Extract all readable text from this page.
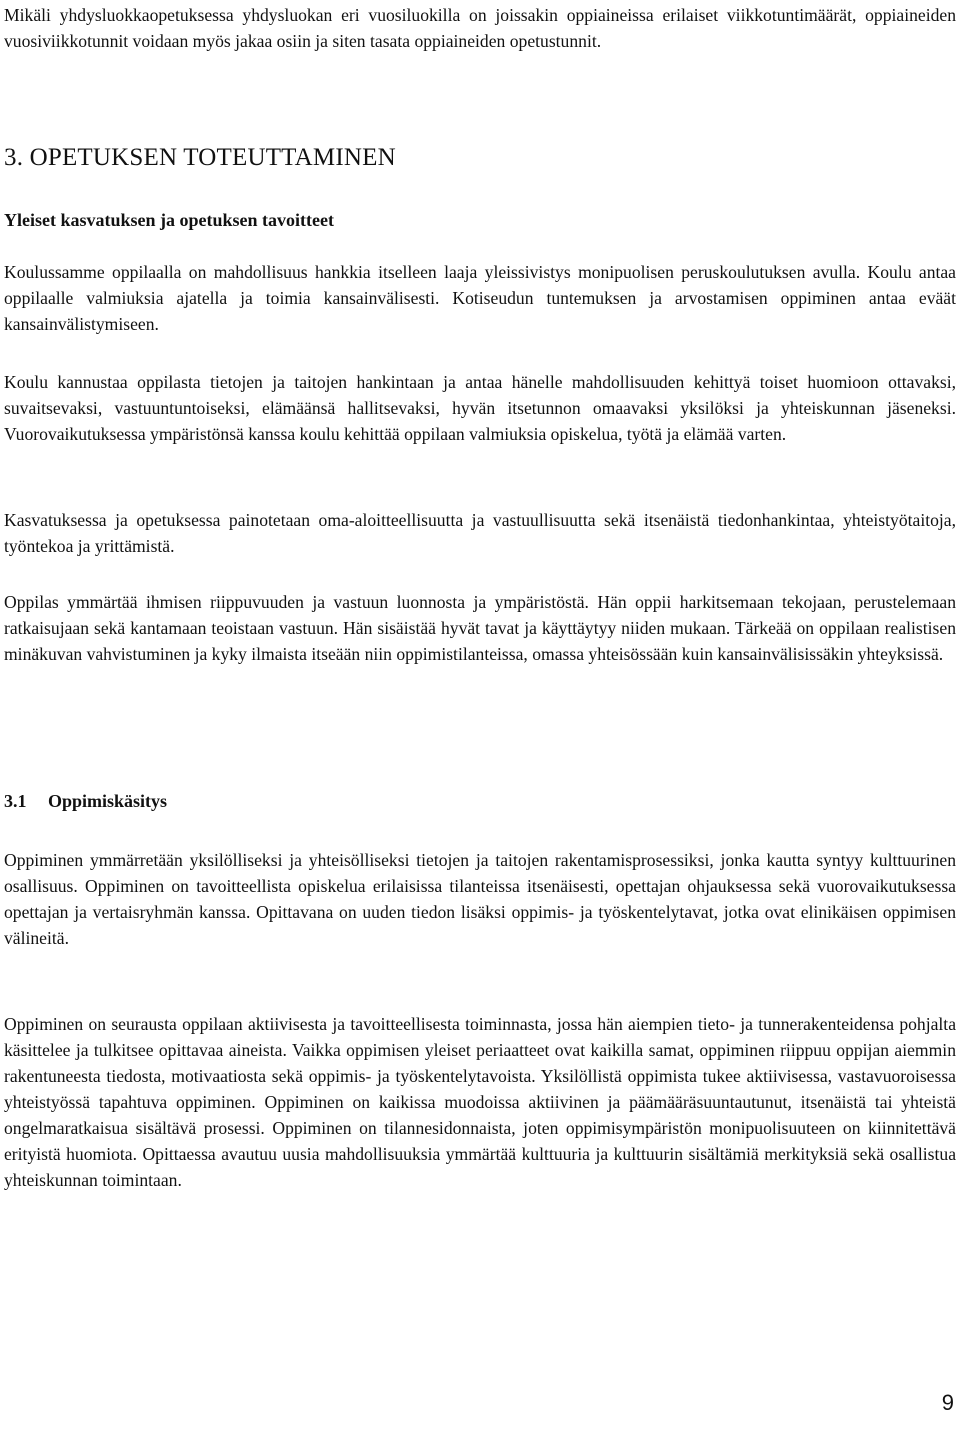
Mikäli yhdysluokkaopetuksessa yhdysluokan eri vuosiluokilla on joissakin oppiaineissa erilaiset viikkotuntimäärät, oppiaineiden vuosiviikkotunnit voidaan myös jakaa osiin ja siten tasata oppiaineiden opetustunnit.

3. OPETUKSEN TOTEUTTAMINEN
Yleiset kasvatuksen ja opetuksen tavoitteet

Koulussamme oppilaalla on mahdollisuus hankkia itselleen laaja yleissivistys monipuolisen peruskoulutuksen avulla. Koulu antaa oppilaalle valmiuksia ajatella ja toimia kansainvälisesti. Kotiseudun tuntemuksen ja arvostamisen oppiminen antaa eväät kansainvälistymiseen.

Koulu kannustaa oppilasta tietojen ja taitojen hankintaan ja antaa hänelle mahdollisuuden kehittyä toiset huomioon ottavaksi, suvaitsevaksi, vastuuntuntoiseksi, elämäänsä hallitsevaksi, hyvän itsetunnon omaavaksi yksilöksi ja yhteiskunnan jäseneksi. Vuorovaikutuksessa ympäristönsä kanssa koulu kehittää oppilaan valmiuksia opiskelua, työtä ja elämää varten.

Kasvatuksessa ja opetuksessa painotetaan oma-aloitteellisuutta ja vastuullisuutta sekä itsenäistä tiedonhankintaa, yhteistyötaitoja, työntekoa ja yrittämistä.

Oppilas ymmärtää ihmisen riippuvuuden ja vastuun luonnosta ja ympäristöstä. Hän oppii harkitsemaan tekojaan, perustelemaan ratkaisujaan sekä kantamaan teoistaan vastuun. Hän sisäistää hyvät tavat ja käyttäytyy niiden mukaan. Tärkeää on oppilaan realistisen minäkuvan vahvistuminen ja kyky ilmaista itseään niin oppimistilanteissa, omassa yhteisössään kuin kansainvälisissäkin yhteyksissä.

3.1 Oppimiskäsitys

Oppiminen ymmärretään yksilölliseksi ja yhteisölliseksi tietojen ja taitojen rakentamisprosessiksi, jonka kautta syntyy kulttuurinen osallisuus. Oppiminen on tavoitteellista opiskelua erilaisissa tilanteissa itsenäisesti, opettajan ohjauksessa sekä vuorovaikutuksessa opettajan ja vertaisryhmän kanssa. Opittavana on uuden tiedon lisäksi oppimis- ja työskentelytavat, jotka ovat elinikäisen oppimisen välineitä.

Oppiminen on seurausta oppilaan aktiivisesta ja tavoitteellisesta toiminnasta, jossa hän aiempien tieto- ja tunnerakenteidensa pohjalta käsittelee ja tulkitsee opittavaa aineista. Vaikka oppimisen yleiset periaatteet ovat kaikilla samat, oppiminen riippuu oppijan aiemmin rakentuneesta tiedosta, motivaatiosta sekä oppimis- ja työskentelytavoista. Yksilöllistä oppimista tukee aktiivisessa, vastavuoroisessa yhteistyössä tapahtuva oppiminen. Oppiminen on kaikissa muodoissa aktiivinen ja päämääräsuuntautunut, itsenäistä tai yhteistä ongelmaratkaisua sisältävä prosessi. Oppiminen on tilannesidonnaista, joten oppimisympäristön monipuolisuuteen on kiinnitettävä erityistä huomiota. Opittaessa avautuu uusia mahdollisuuksia ymmärtää kulttuuria ja kulttuurin sisältämiä merkityksiä sekä osallistua yhteiskunnan toimintaan.

9
